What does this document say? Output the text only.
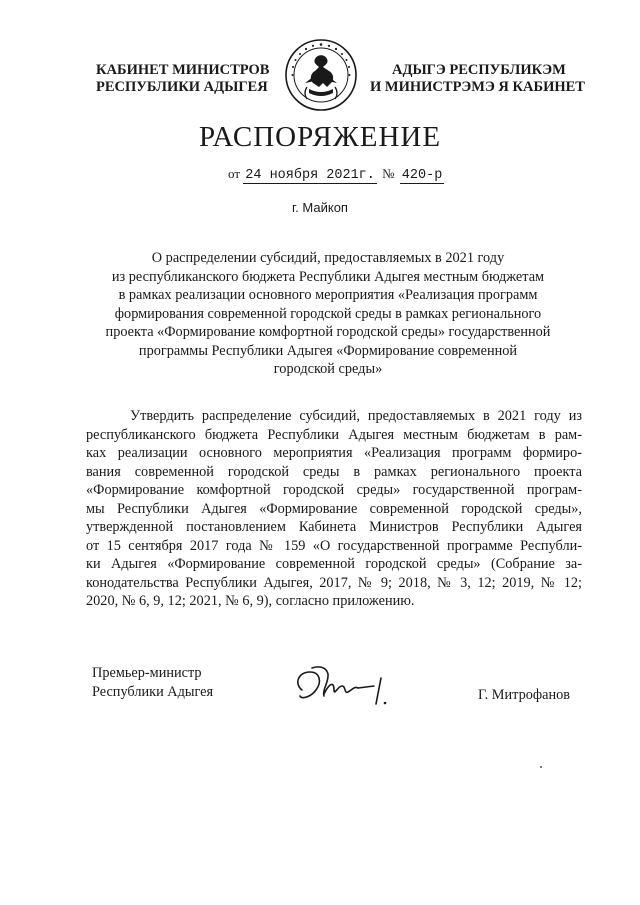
КАБИНЕТ МИНИСТРОВ
РЕСПУБЛИКИ АДЫГЕЯ
АДЫГЭ РЕСПУБЛИКЭМ
И МИНИСТРЭМЭ Я КАБИНЕТ
РАСПОРЯЖЕНИЕ
от 24 ноября 2021г. № 420-р
г. Майкоп
О распределении субсидий, предоставляемых в 2021 году
из республиканского бюджета Республики Адыгея местным бюджетам
в рамках реализации основного мероприятия «Реализация программ
формирования современной городской среды в рамках регионального
проекта «Формирование комфортной городской среды» государственной
программы Республики Адыгея «Формирование современной
городской среды»
Утвердить распределение субсидий, предоставляемых в 2021 году из
республиканского бюджета Республики Адыгея местным бюджетам в рам-
ках реализации основного мероприятия «Реализация программ формиро-
вания современной городской среды в рамках регионального проекта
«Формирование комфортной городской среды» государственной програм-
мы Республики Адыгея «Формирование современной городской среды»,
утвержденной постановлением Кабинета Министров Республики Адыгея
от 15 сентября 2017 года № 159 «О государственной программе Республи-
ки Адыгея «Формирование современной городской среды» (Собрание за-
конодательства Республики Адыгея, 2017, № 9; 2018, № 3, 12; 2019, № 12;
2020, № 6, 9, 12; 2021, № 6, 9), согласно приложению.
Премьер-министр
Республики Адыгея	Г. Митрофанов
